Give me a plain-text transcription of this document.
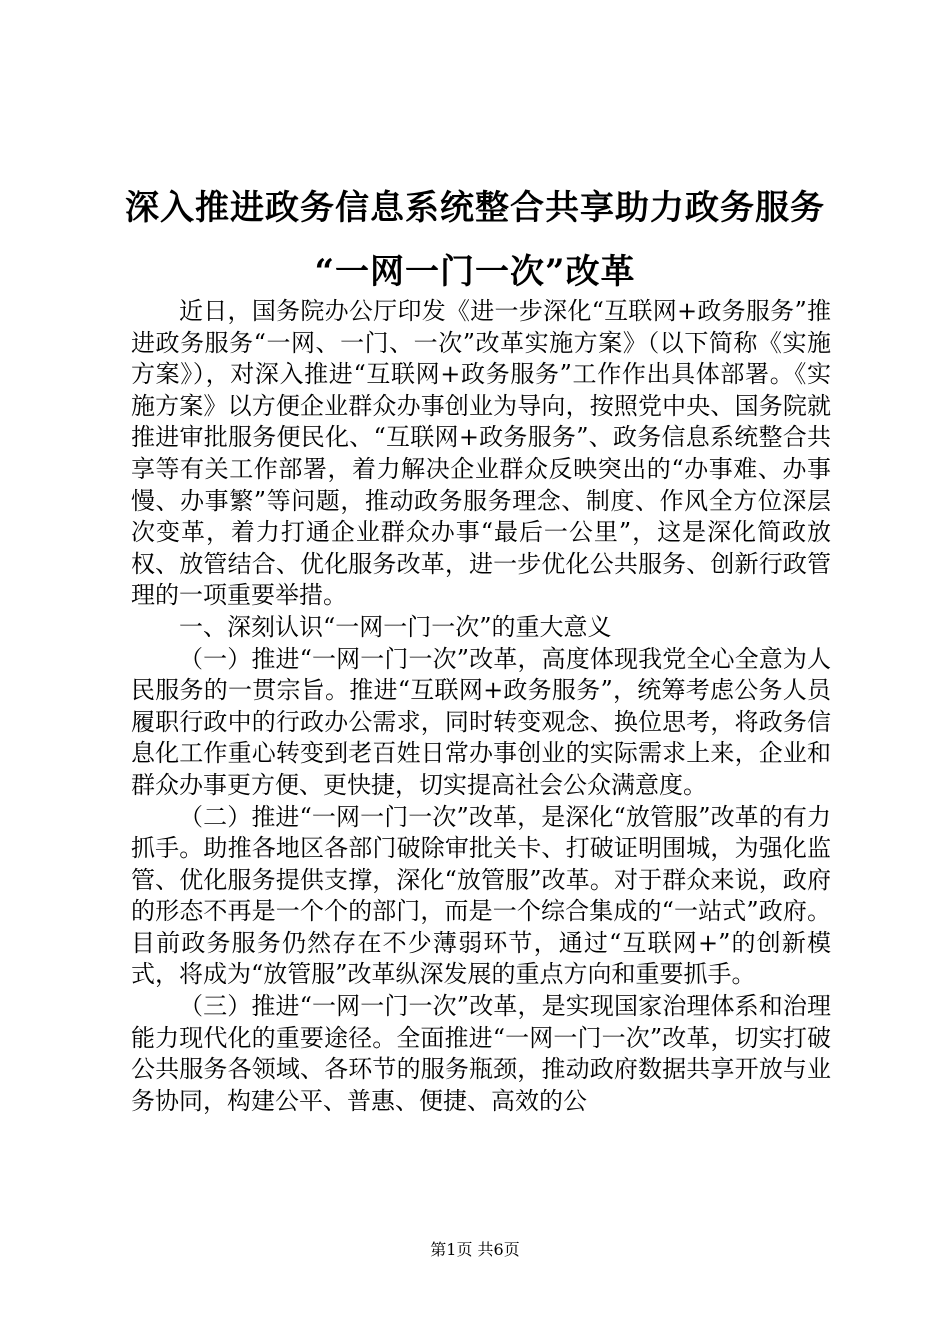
深入推进政务信息系统整合共享助力政务服务
“一网一门一次”改革

近日，国务院办公厅印发《进一步深化“互联网+政务服务”推进政务服务“一网、一门、一次”改革实施方案》（以下简称《实施方案》），对深入推进“互联网+政务服务”工作作出具体部署。《实施方案》以方便企业群众办事创业为导向，按照党中央、国务院就推进审批服务便民化、“互联网+政务服务”、政务信息系统整合共享等有关工作部署，着力解决企业群众反映突出的“办事难、办事慢、办事繁”等问题，推动政务服务理念、制度、作风全方位深层次变革，着力打通企业群众办事“最后一公里”，这是深化简政放权、放管结合、优化服务改革，进一步优化公共服务、创新行政管理的一项重要举措。

一、深刻认识“一网一门一次”的重大意义

（一）推进“一网一门一次”改革，高度体现我党全心全意为人民服务的一贯宗旨。推进“互联网+政务服务”，统筹考虑公务人员履职行政中的行政办公需求，同时转变观念、换位思考，将政务信息化工作重心转变到老百姓日常办事创业的实际需求上来，企业和群众办事更方便、更快捷，切实提高社会公众满意度。

（二）推进“一网一门一次”改革，是深化“放管服”改革的有力抓手。助推各地区各部门破除审批关卡、打破证明围城，为强化监管、优化服务提供支撑，深化“放管服”改革。对于群众来说，政府的形态不再是一个个的部门，而是一个综合集成的“一站式”政府。目前政务服务仍然存在不少薄弱环节，通过“互联网+”的创新模式，将成为“放管服”改革纵深发展的重点方向和重要抓手。

（三）推进“一网一门一次”改革，是实现国家治理体系和治理能力现代化的重要途径。全面推进“一网一门一次”改革，切实打破公共服务各领域、各环节的服务瓶颈，推动政府数据共享开放与业务协同，构建公平、普惠、便捷、高效的公

第1页 共6页
